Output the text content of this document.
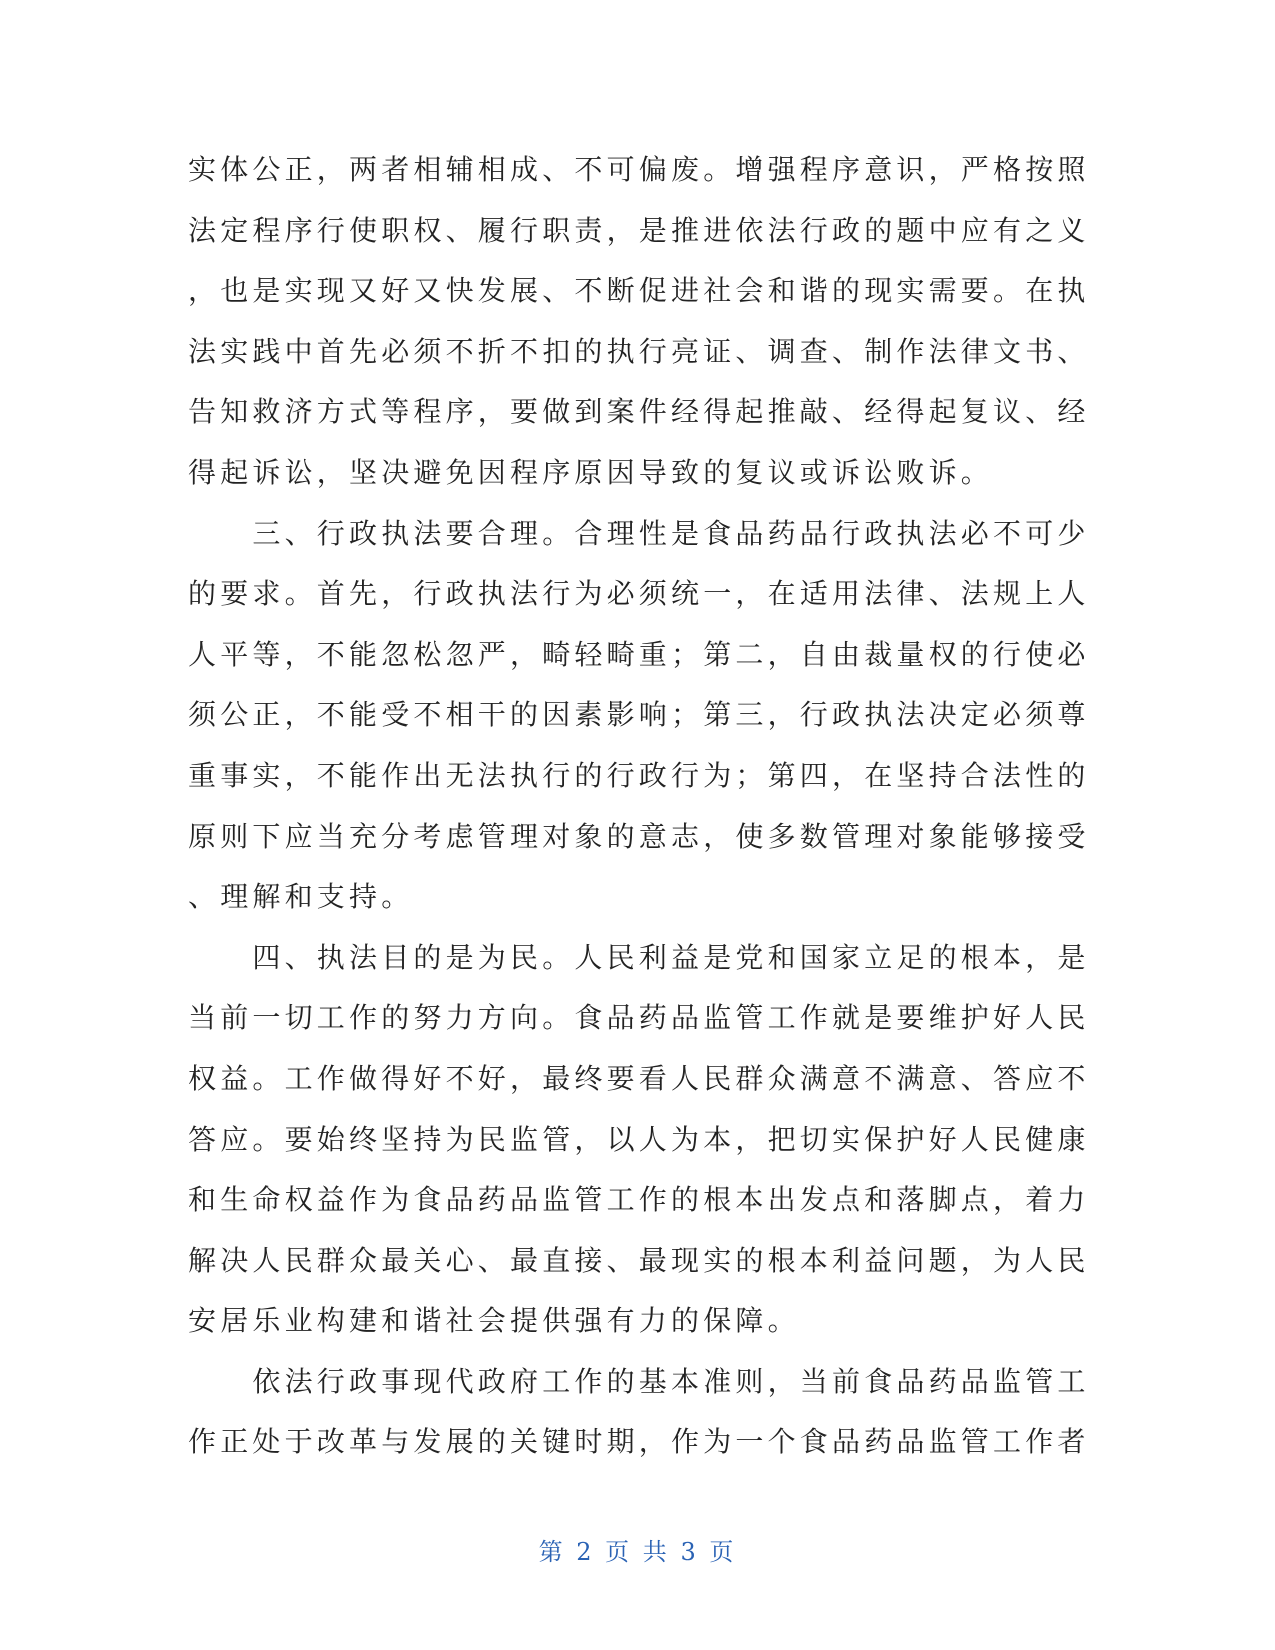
实体公正，两者相辅相成、不可偏废。增强程序意识，严格按照
法定程序行使职权、履行职责，是推进依法行政的题中应有之义
，也是实现又好又快发展、不断促进社会和谐的现实需要。在执
法实践中首先必须不折不扣的执行亮证、调查、制作法律文书、
告知救济方式等程序，要做到案件经得起推敲、经得起复议、经
得起诉讼，坚决避免因程序原因导致的复议或诉讼败诉。
　　三、行政执法要合理。合理性是食品药品行政执法必不可少
的要求。首先，行政执法行为必须统一，在适用法律、法规上人
人平等，不能忽松忽严，畸轻畸重；第二，自由裁量权的行使必
须公正，不能受不相干的因素影响；第三，行政执法决定必须尊
重事实，不能作出无法执行的行政行为；第四，在坚持合法性的
原则下应当充分考虑管理对象的意志，使多数管理对象能够接受
、理解和支持。
　　四、执法目的是为民。人民利益是党和国家立足的根本，是
当前一切工作的努力方向。食品药品监管工作就是要维护好人民
权益。工作做得好不好，最终要看人民群众满意不满意、答应不
答应。要始终坚持为民监管，以人为本，把切实保护好人民健康
和生命权益作为食品药品监管工作的根本出发点和落脚点，着力
解决人民群众最关心、最直接、最现实的根本利益问题，为人民
安居乐业构建和谐社会提供强有力的保障。
　　依法行政事现代政府工作的基本准则，当前食品药品监管工
作正处于改革与发展的关键时期，作为一个食品药品监管工作者
第 2 页 共 3 页
